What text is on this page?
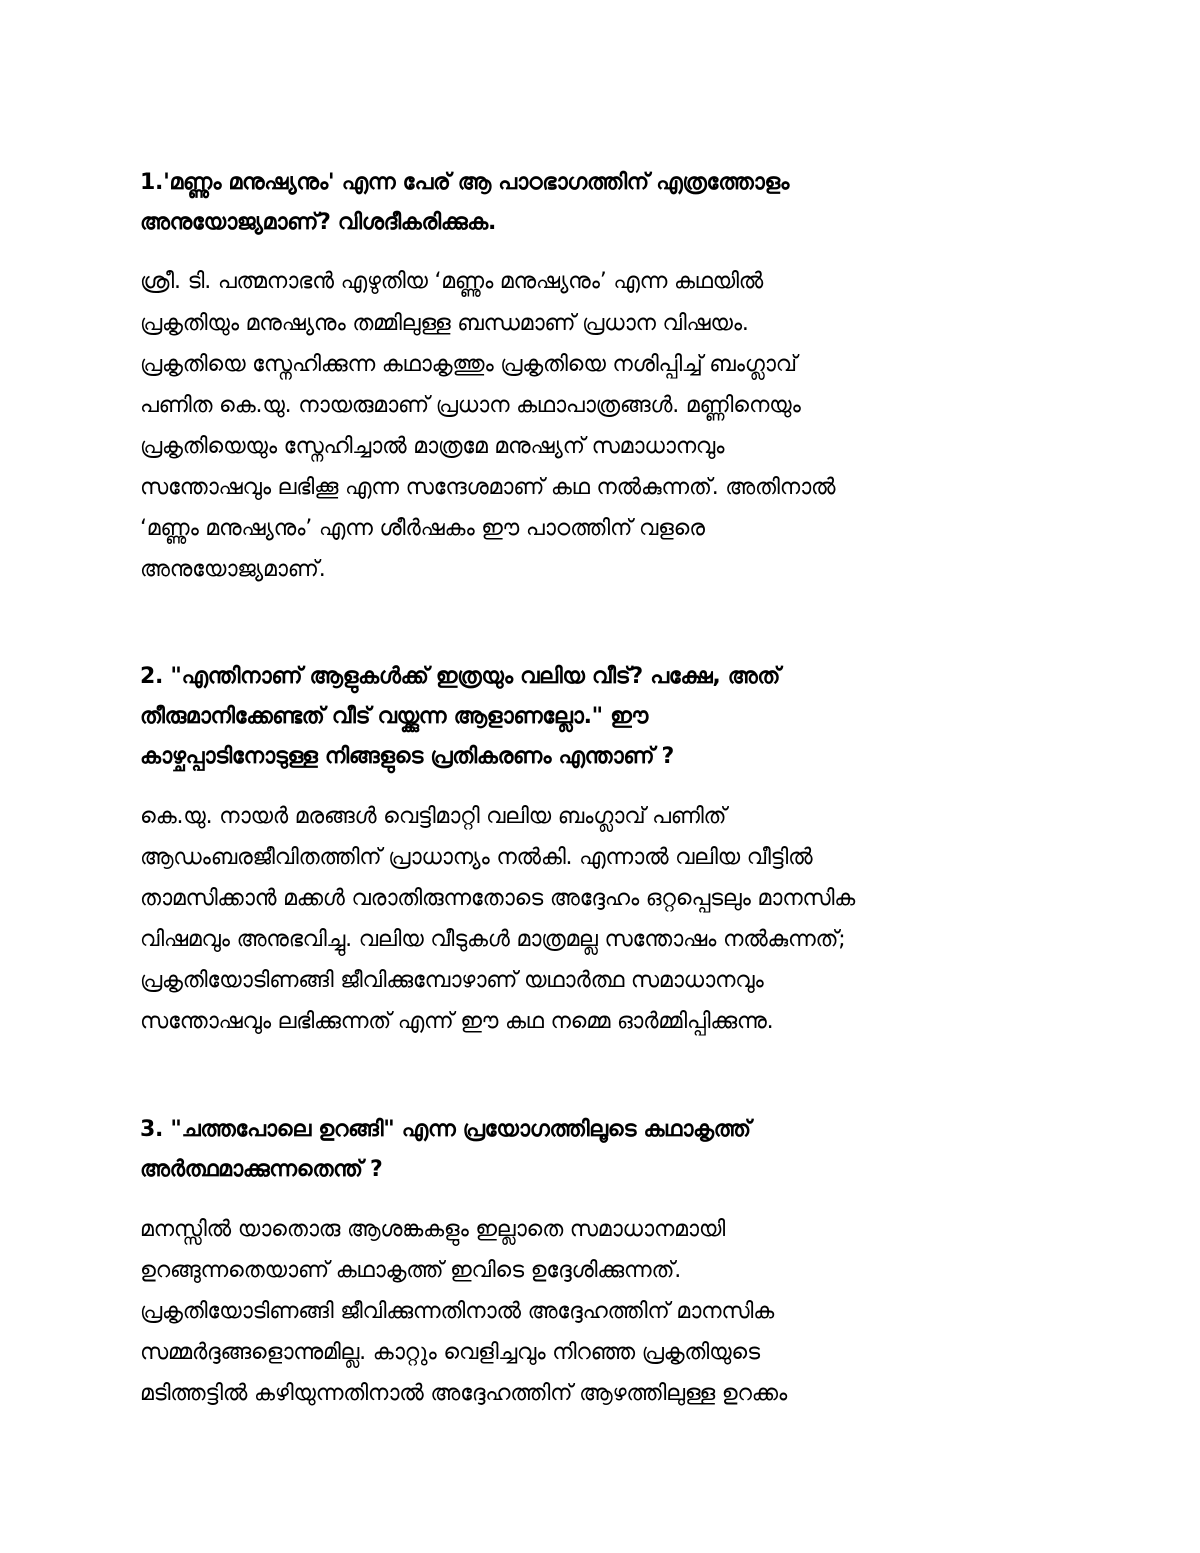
1.'മണ്ണും മനുഷ്യനും' എന്ന പേര് ആ പാഠഭാഗത്തിന് എത്രത്തോളം
അനുയോജ്യമാണ്? വിശദീകരിക്കുക.
ശ്രീ. ടി. പത്മനാഭൻ എഴുതിയ ‘മണ്ണും മനുഷ്യനും’ എന്ന കഥയിൽ
പ്രകൃതിയും മനുഷ്യനും തമ്മിലുള്ള ബന്ധമാണ് പ്രധാന വിഷയം.
പ്രകൃതിയെ സ്നേഹിക്കുന്ന കഥാകൃത്തും പ്രകൃതിയെ നശിപ്പിച്ച് ബംഗ്ലാവ്
പണിത കെ.യു. നായരുമാണ് പ്രധാന കഥാപാത്രങ്ങൾ. മണ്ണിനെയും
പ്രകൃതിയെയും സ്നേഹിച്ചാൽ മാത്രമേ മനുഷ്യന് സമാധാനവും
സന്തോഷവും ലഭിക്കൂ എന്ന സന്ദേശമാണ് കഥ നൽകുന്നത്. അതിനാൽ
‘മണ്ണും മനുഷ്യനും’ എന്ന ശീർഷകം ഈ പാഠത്തിന് വളരെ
അനുയോജ്യമാണ്.
2. "എന്തിനാണ് ആളുകൾക്ക് ഇത്രയും വലിയ വീട്? പക്ഷേ, അത്
തീരുമാനിക്കേണ്ടത് വീട് വയ്ക്കുന്ന ആളാണല്ലോ." ഈ
കാഴ്ചപ്പാടിനോടുള്ള നിങ്ങളുടെ പ്രതികരണം എന്താണ് ?
കെ.യു. നായർ മരങ്ങൾ വെട്ടിമാറ്റി വലിയ ബംഗ്ലാവ് പണിത്
ആഡംബരജീവിതത്തിന് പ്രാധാന്യം നൽകി. എന്നാൽ വലിയ വീട്ടിൽ
താമസിക്കാൻ മക്കൾ വരാതിരുന്നതോടെ അദ്ദേഹം ഒറ്റപ്പെടലും മാനസിക
വിഷമവും അനുഭവിച്ചു. വലിയ വീടുകൾ മാത്രമല്ല സന്തോഷം നൽകുന്നത്;
പ്രകൃതിയോടിണങ്ങി ജീവിക്കുമ്പോഴാണ് യഥാർത്ഥ സമാധാനവും
സന്തോഷവും ലഭിക്കുന്നത് എന്ന് ഈ കഥ നമ്മെ ഓർമ്മിപ്പിക്കുന്നു.
3. "ചത്തപോലെ ഉറങ്ങി" എന്ന പ്രയോഗത്തിലൂടെ കഥാകൃത്ത്
അർത്ഥമാക്കുന്നതെന്ത് ?
മനസ്സിൽ യാതൊരു ആശങ്കകളും ഇല്ലാതെ സമാധാനമായി
ഉറങ്ങുന്നതെയാണ് കഥാകൃത്ത് ഇവിടെ ഉദ്ദേശിക്കുന്നത്.
പ്രകൃതിയോടിണങ്ങി ജീവിക്കുന്നതിനാൽ അദ്ദേഹത്തിന് മാനസിക
സമ്മർദ്ദങ്ങളൊന്നുമില്ല. കാറ്റും വെളിച്ചവും നിറഞ്ഞ പ്രകൃതിയുടെ
മടിത്തട്ടിൽ കഴിയുന്നതിനാൽ അദ്ദേഹത്തിന് ആഴത്തിലുള്ള ഉറക്കം
